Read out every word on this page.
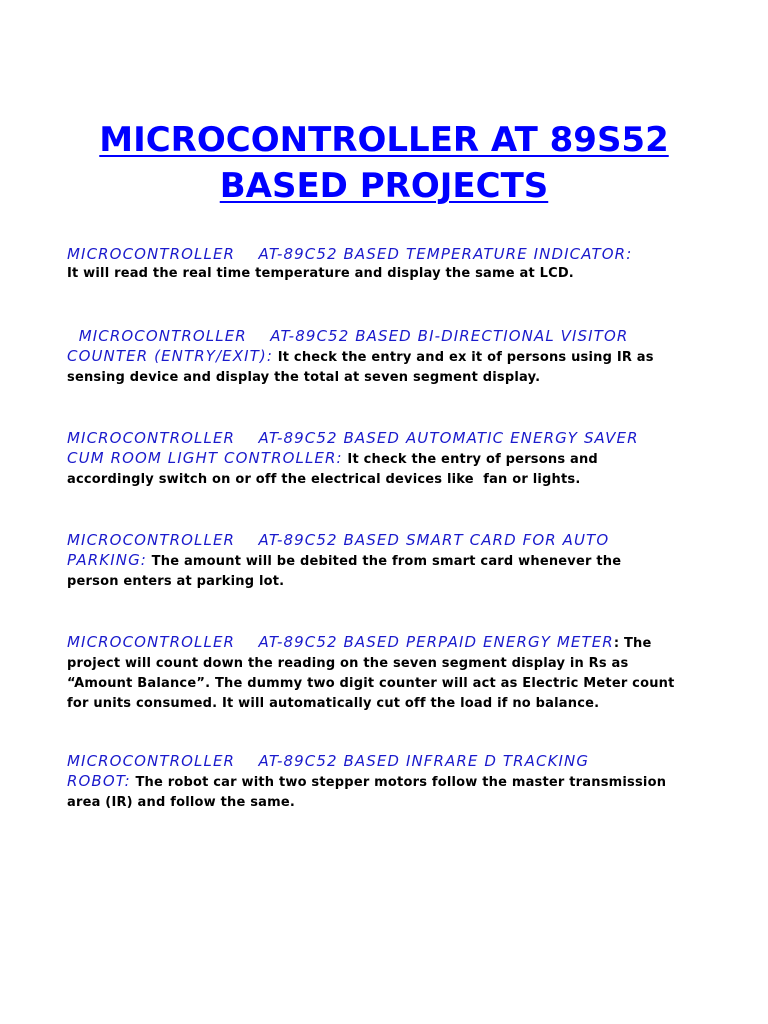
MICROCONTROLLER AT 89S52
BASED PROJECTS
MICROCONTROLLER    AT-89C52 BASED TEMPERATURE INDICATOR:
It will read the real time temperature and display the same at LCD.
MICROCONTROLLER    AT-89C52 BASED BI-DIRECTIONAL VISITOR
COUNTER (ENTRY/EXIT): It check the entry and ex it of persons using IR as
sensing device and display the total at seven segment display.
MICROCONTROLLER    AT-89C52 BASED AUTOMATIC ENERGY SAVER
CUM ROOM LIGHT CONTROLLER: It check the entry of persons and
accordingly switch on or off the electrical devices like  fan or lights.
MICROCONTROLLER    AT-89C52 BASED SMART CARD FOR AUTO
PARKING: The amount will be debited the from smart card whenever the
person enters at parking lot.
MICROCONTROLLER    AT-89C52 BASED PERPAID ENERGY METER: The
project will count down the reading on the seven segment display in Rs as
“Amount Balance”. The dummy two digit counter will act as Electric Meter count
for units consumed. It will automatically cut off the load if no balance.
MICROCONTROLLER    AT-89C52 BASED INFRARE D TRACKING
ROBOT: The robot car with two stepper motors follow the master transmission
area (IR) and follow the same.
